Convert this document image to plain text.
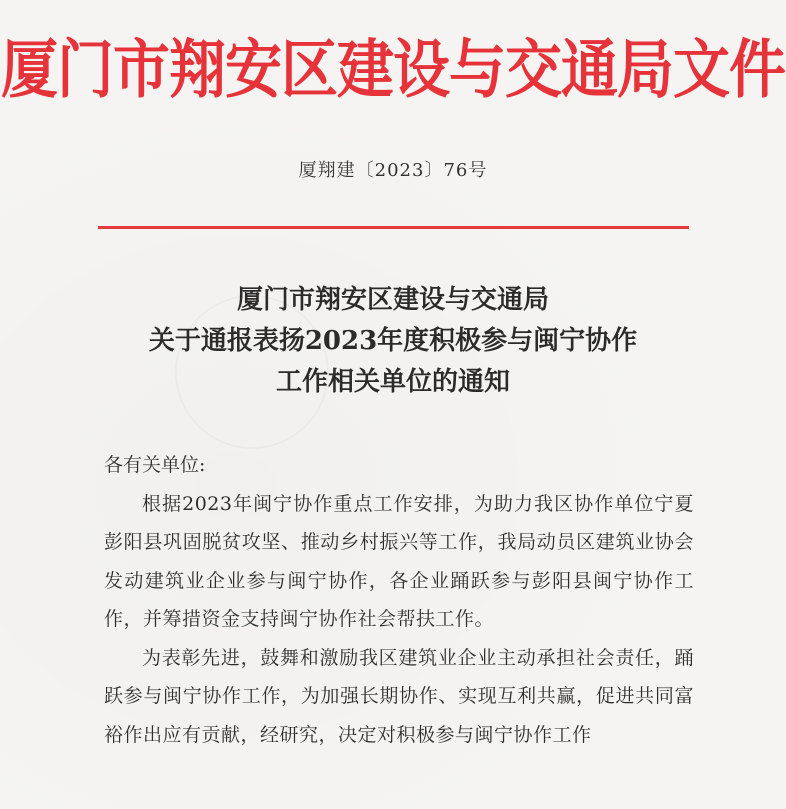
厦门市翔安区建设与交通局文件
厦翔建〔2023〕76号
厦门市翔安区建设与交通局
关于通报表扬2023年度积极参与闽宁协作
工作相关单位的通知
各有关单位:
根据2023年闽宁协作重点工作安排，为助力我区协作单位宁夏彭阳县巩固脱贫攻坚、推动乡村振兴等工作，我局动员区建筑业协会发动建筑业企业参与闽宁协作，各企业踊跃参与彭阳县闽宁协作工作，并筹措资金支持闽宁协作社会帮扶工作。
为表彰先进，鼓舞和激励我区建筑业企业主动承担社会责任，踊跃参与闽宁协作工作，为加强长期协作、实现互利共赢，促进共同富裕作出应有贡献，经研究，决定对积极参与闽宁协作工作
